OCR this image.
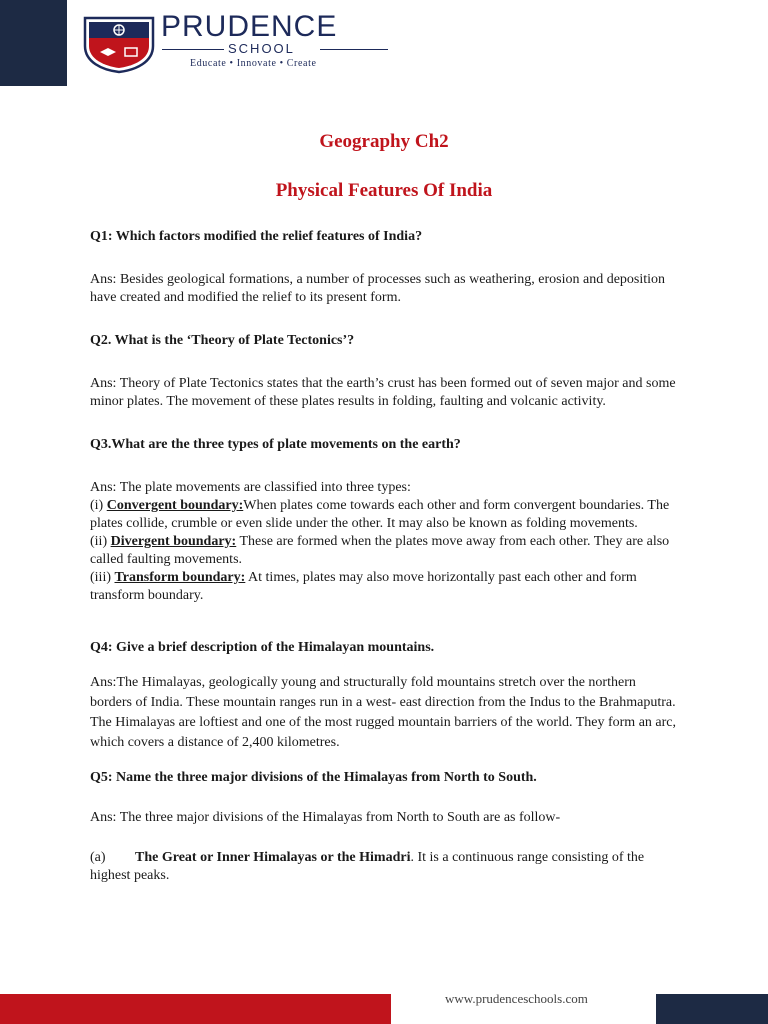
PRUDENCE
SCHOOL
Educate • Innovate • Create
Geography Ch2
Physical Features Of India

Q1: Which factors modified the relief features of India?

Ans: Besides geological formations, a number of processes such as weathering, erosion and deposition have created and modified the relief to its present form.

Q2. What is the ‘Theory of Plate Tectonics’?

Ans: Theory of Plate Tectonics states that the earth’s crust has been formed out of seven major and some minor plates. The movement of these plates results in folding, faulting and volcanic activity.

Q3.What are the three types of plate movements on the earth?

Ans: The plate movements are classified into three types:

(i) Convergent boundary:When plates come towards each other and form convergent boundaries. The plates collide, crumble or even slide under the other. It may also be known as folding movements.

(ii) Divergent boundary: These are formed when the plates move away from each other. They are also called faulting movements.

(iii) Transform boundary: At times, plates may also move horizontally past each other and form transform boundary.

Q4: Give a brief description of the Himalayan mountains.

Ans:The Himalayas, geologically young and structurally fold mountains stretch over the northern borders of India. These mountain ranges run in a west- east direction from the Indus to the Brahmaputra. The Himalayas are loftiest and one of the most rugged mountain barriers of the world. They form an arc, which covers a distance of 2,400 kilometres.

Q5: Name the three major divisions of the Himalayas from North to South.

Ans: The three major divisions of the Himalayas from North to South are as follow-

(a) The Great or Inner Himalayas or the Himadri. It is a continuous range consisting of the highest peaks.

www.prudenceschools.com
